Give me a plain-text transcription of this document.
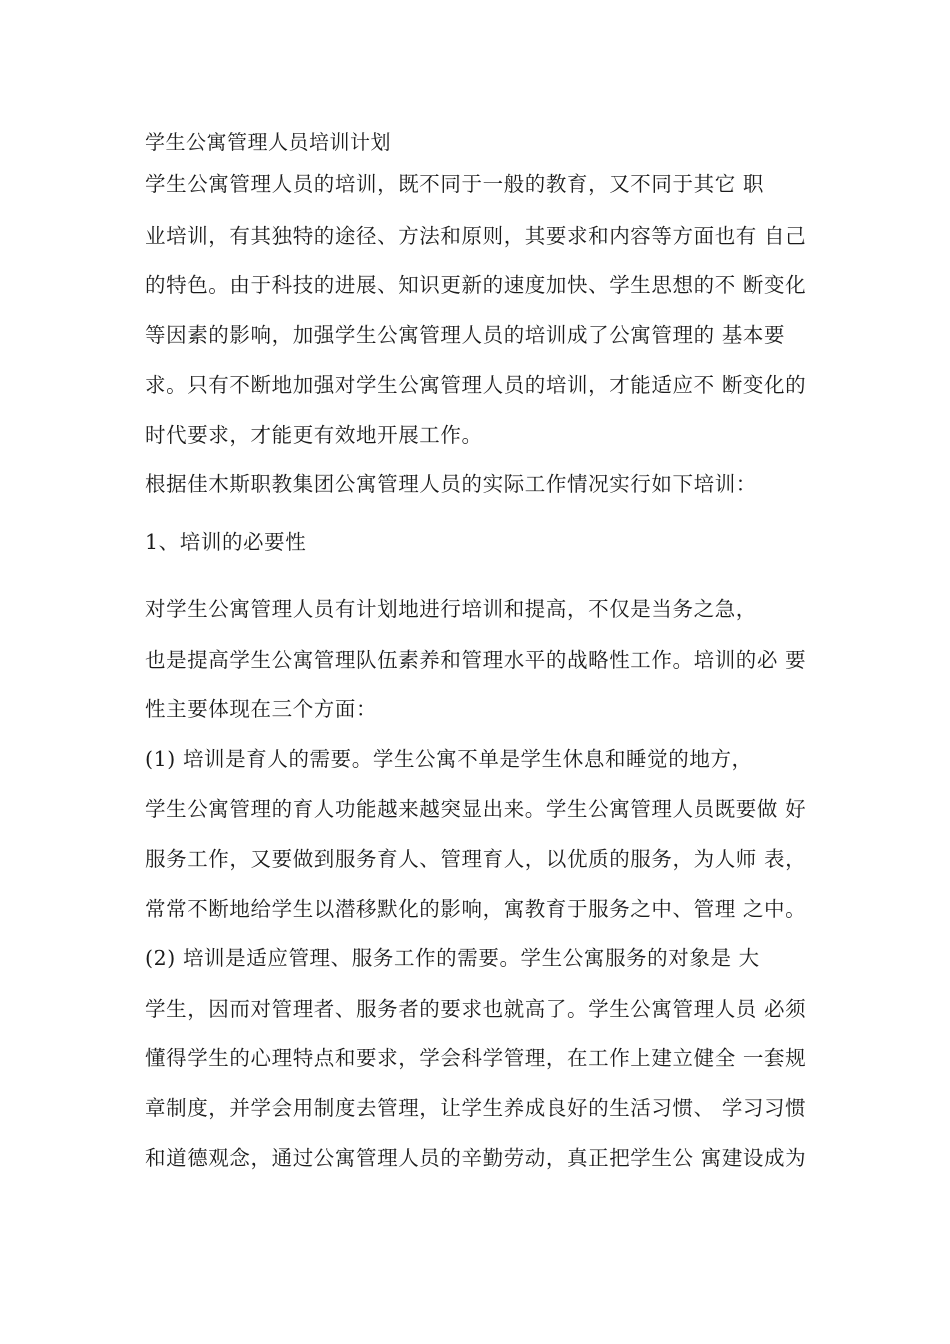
学生公寓管理人员培训计划
学生公寓管理人员的培训，既不同于一般的教育，又不同于其它 职
业培训，有其独特的途径、方法和原则，其要求和内容等方面也有 自己
的特色。由于科技的进展、知识更新的速度加快、学生思想的不 断变化
等因素的影响，加强学生公寓管理人员的培训成了公寓管理的 基本要
求。只有不断地加强对学生公寓管理人员的培训，才能适应不 断变化的
时代要求，才能更有效地开展工作。
根据佳木斯职教集团公寓管理人员的实际工作情况实行如下培训：
1、培训的必要性
对学生公寓管理人员有计划地进行培训和提高，不仅是当务之急，
也是提高学生公寓管理队伍素养和管理水平的战略性工作。培训的必 要
性主要体现在三个方面：
(1) 培训是育人的需要。学生公寓不单是学生休息和睡觉的地方，
学生公寓管理的育人功能越来越突显出来。学生公寓管理人员既要做 好
服务工作，又要做到服务育人、管理育人，以优质的服务，为人师 表，
常常不断地给学生以潜移默化的影响，寓教育于服务之中、管理 之中。
(2) 培训是适应管理、服务工作的需要。学生公寓服务的对象是 大
学生，因而对管理者、服务者的要求也就高了。学生公寓管理人员 必须
懂得学生的心理特点和要求，学会科学管理，在工作上建立健全 一套规
章制度，并学会用制度去管理，让学生养成良好的生活习惯、 学习习惯
和道德观念，通过公寓管理人员的辛勤劳动，真正把学生公 寓建设成为
